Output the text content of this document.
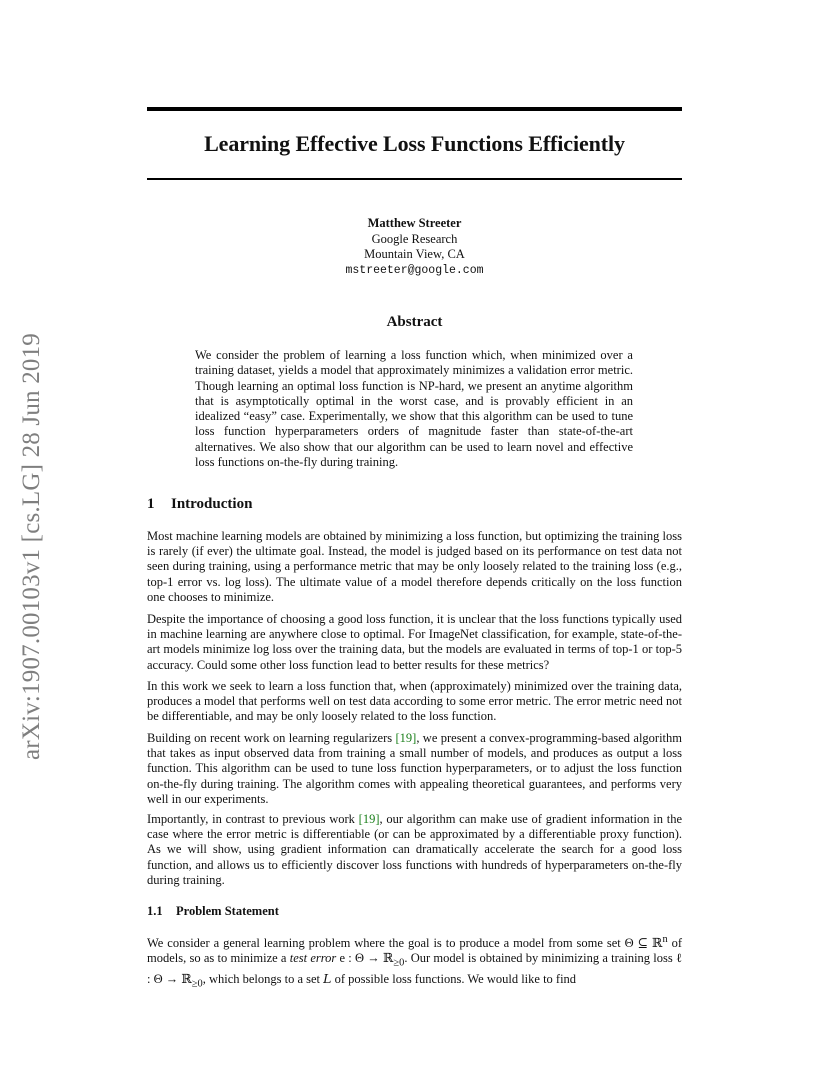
Learning Effective Loss Functions Efficiently
arXiv:1907.00103v1 [cs.LG] 28 Jun 2019
Matthew Streeter
Google Research
Mountain View, CA
mstreeter@google.com
Abstract
We consider the problem of learning a loss function which, when minimized over a training dataset, yields a model that approximately minimizes a validation error metric. Though learning an optimal loss function is NP-hard, we present an anytime algorithm that is asymptotically optimal in the worst case, and is provably efficient in an idealized “easy” case. Experimentally, we show that this algorithm can be used to tune loss function hyperparameters orders of magnitude faster than state-of-the-art alternatives. We also show that our algorithm can be used to learn novel and effective loss functions on-the-fly during training.
1 Introduction

Most machine learning models are obtained by minimizing a loss function, but optimizing the training loss is rarely (if ever) the ultimate goal. Instead, the model is judged based on its performance on test data not seen during training, using a performance metric that may be only loosely related to the training loss (e.g., top-1 error vs. log loss). The ultimate value of a model therefore depends critically on the loss function one chooses to minimize.

Despite the importance of choosing a good loss function, it is unclear that the loss functions typically used in machine learning are anywhere close to optimal. For ImageNet classification, for example, state-of-the-art models minimize log loss over the training data, but the models are evaluated in terms of top-1 or top-5 accuracy. Could some other loss function lead to better results for these metrics?

In this work we seek to learn a loss function that, when (approximately) minimized over the training data, produces a model that performs well on test data according to some error metric. The error metric need not be differentiable, and may be only loosely related to the loss function.

Building on recent work on learning regularizers [19], we present a convex-programming-based algorithm that takes as input observed data from training a small number of models, and produces as output a loss function. This algorithm can be used to tune loss function hyperparameters, or to adjust the loss function on-the-fly during training. The algorithm comes with appealing theoretical guarantees, and performs very well in our experiments.

Importantly, in contrast to previous work [19], our algorithm can make use of gradient information in the case where the error metric is differentiable (or can be approximated by a differentiable proxy function). As we will show, using gradient information can dramatically accelerate the search for a good loss function, and allows us to efficiently discover loss functions with hundreds of hyperparameters on-the-fly during training.

1.1 Problem Statement

We consider a general learning problem where the goal is to produce a model from some set Θ ⊆ ℝ$^n$ of models, so as to minimize a test error e : Θ → ℝ$_{\ge 0}$. Our model is obtained by minimizing a training loss ℓ : Θ → ℝ$_{\ge 0}$, which belongs to a set L of possible loss functions. We would like to find
